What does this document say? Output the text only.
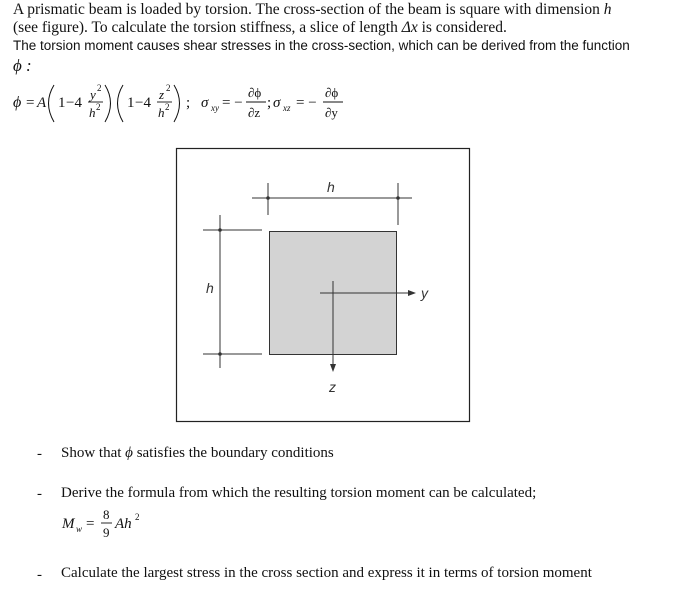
A prismatic beam is loaded by torsion. The cross-section of the beam is square with dimension h
(see figure). To calculate the torsion stiffness, a slice of length Δx is considered.
The torsion moment causes shear stresses in the cross-section, which can be derived from the function
ϕ :
ϕ = A 1 −4
y 2
h 2 1 −4
z 2
h 2 ; σ xy = −
∂ϕ
∂z
; σ xz = −
∂ϕ
∂y
h
h	y
z
- Show that ϕ satisfies the boundary conditions
- Derive the formula from which the resulting torsion moment can be calculated;
M w =
8
9
Ah 2
- Calculate the largest stress in the cross section and express it in terms of torsion moment
